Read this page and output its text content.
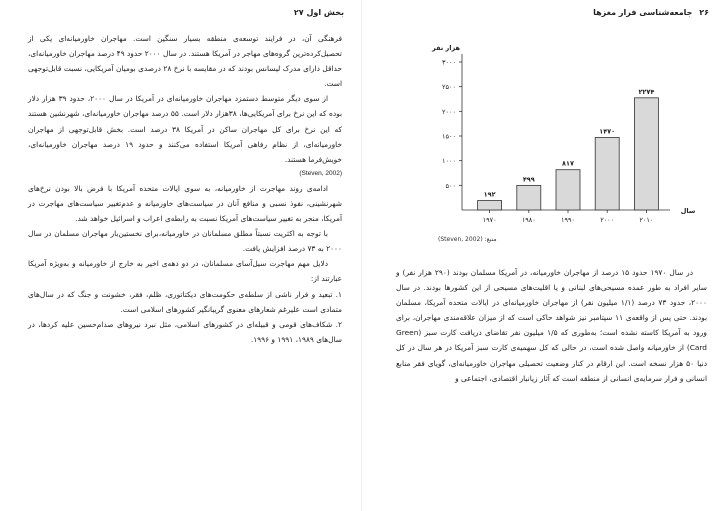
بخش اول ۲۷

فرهنگی آن، در فرایند توسعه‌ی منطقه بسیار سنگین است. مهاجران خاورمیانه‌ای یکی از تحصیل‌کرده‌ترین گروه‌های مهاجر در آمریکا هستند. در سال ۲۰۰۰ حدود ۴۹ درصد مهاجران خاورمیانه‌ای، حداقل دارای مدرک لیسانس بودند که در مقایسه با نرخ ۲۸ درصدی بومیان آمریکایی، نسبت قابل‌توجهی است.

از سوی دیگر متوسط دستمزد مهاجران خاورمیانه‌ای در آمریکا در سال ۲۰۰۰، حدود ۳۹ هزار دلار بوده که این نرخ برای آمریکایی‌ها، ۳۸هزار دلار است. ۵۵ درصد مهاجران خاورمیانه‌ای، شهرنشین هستند که این نرخ برای کل مهاجران ساکن در آمریکا ۳۸ درصد است. بخش قابل‌توجهی از مهاجران خاورمیانه‌ای، از نظام رفاهی آمریکا استفاده می‌کنند و حدود ۱۹ درصد مهاجران خاورمیانه‌ای، خویش‌فرما هستند.

(Steven, 2002)

ادامه‌ی روند مهاجرت از خاورمیانه، به سوی ایالات متحده آمریکا با فرض بالا بودن نرخ‌های شهرنشینی، نفوذ نسبی و منافع آنان در سیاست‌های خاورمیانه و عدم‌تغییر سیاست‌های مهاجرت در آمریکا، منجر به تغییر سیاست‌های آمریکا نسبت به رابطه‌ی اعراب و اسرائیل خواهد شد.

با توجه به اکثریت نسبتاً مطلق مسلمانان در خاورمیانه،برای نخستین‌بار مهاجران مسلمان در سال ۲۰۰۰ به ۷۳ درصد افزایش یافت.

دلایل مهم مهاجرت سیل‌آسای مسلمانان، در دو دهه‌ی اخیر به خارج از خاورمیانه و به‌ویژه آمریکا عبارتند از:

۱. تبعید و فرار ناشی از سلطه‌ی حکومت‌های دیکتاتوری، ظلم، فقر، خشونت و جنگ که در سال‌های متمادی است علیرغم شعارهای معنوی گریبانگیر کشورهای اسلامی است.

۲. شکاف‌های قومی و قبیله‌ای در کشورهای اسلامی، مثل نبرد نیروهای صدام‌حسین علیه کردها، در سال‌های ۱۹۸۹، ۱۹۹۱ و ۱۹۹۶.

۲۶ جامعه‌شناسی فرار مغزها
۵۰۰
۱۰۰۰
۱۵۰۰
۲۰۰۰
۲۵۰۰
۳۰۰۰
هزار نفر
۱۹۲
۱۹۷۰
۴۹۹
۱۹۸۰
۸۱۷
۱۹۹۰
۱۴۷۰
۲۰۰۰
۲۲۷۴
۲۰۱۰
سال
منبع: (Steven, 2002)

در سال ۱۹۷۰ حدود ۱۵ درصد از مهاجران خاورمیانه، در آمریکا مسلمان بودند (۲۹۰ هزار نفر) و سایر افراد به طور عمده مسیحی‌های لبنانی و یا اقلیت‌های مسیحی از این کشورها بودند. در سال ۲۰۰۰، حدود ۷۳ درصد (۱/۱ میلیون نفر) از مهاجران خاورمیانه‌ای در ایالات متحده آمریکا، مسلمان بودند. حتی پس از واقعه‌ی ۱۱ سپتامبر نیز شواهد حاکی است که از میزان علاقه‌مندی مهاجران، برای ورود به آمریکا کاسته نشده است؛ به‌طوری که ۱/۵ میلیون نفر تقاضای دریافت کارت سبز (Green Card) از خاورمیانه واصل شده است، در حالی که کل سهمیه‌ی کارت سبز آمریکا در هر سال در کل دنیا ۵۰ هزار نسخه است. این ارقام در کنار وضعیت تحصیلی مهاجران خاورمیانه‌ای، گویای فقر منابع انسانی و فرار سرمایه‌ی انسانی از منطقه است که آثار زیانبار اقتصادی، اجتماعی و
